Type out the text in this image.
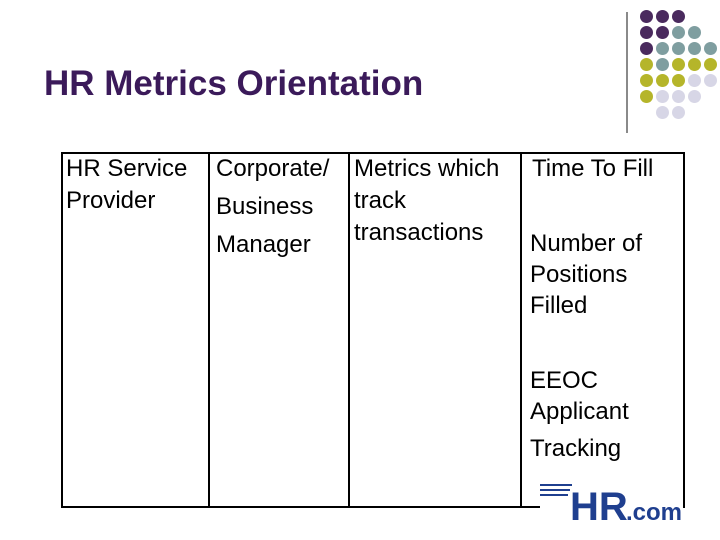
HR Metrics Orientation
HR Service
Provider
Corporate/
Business
Manager
Metrics which
track
transactions
Time To Fill
Number of
Positions
Filled
EEOC
Applicant
Tracking
HR
.com
